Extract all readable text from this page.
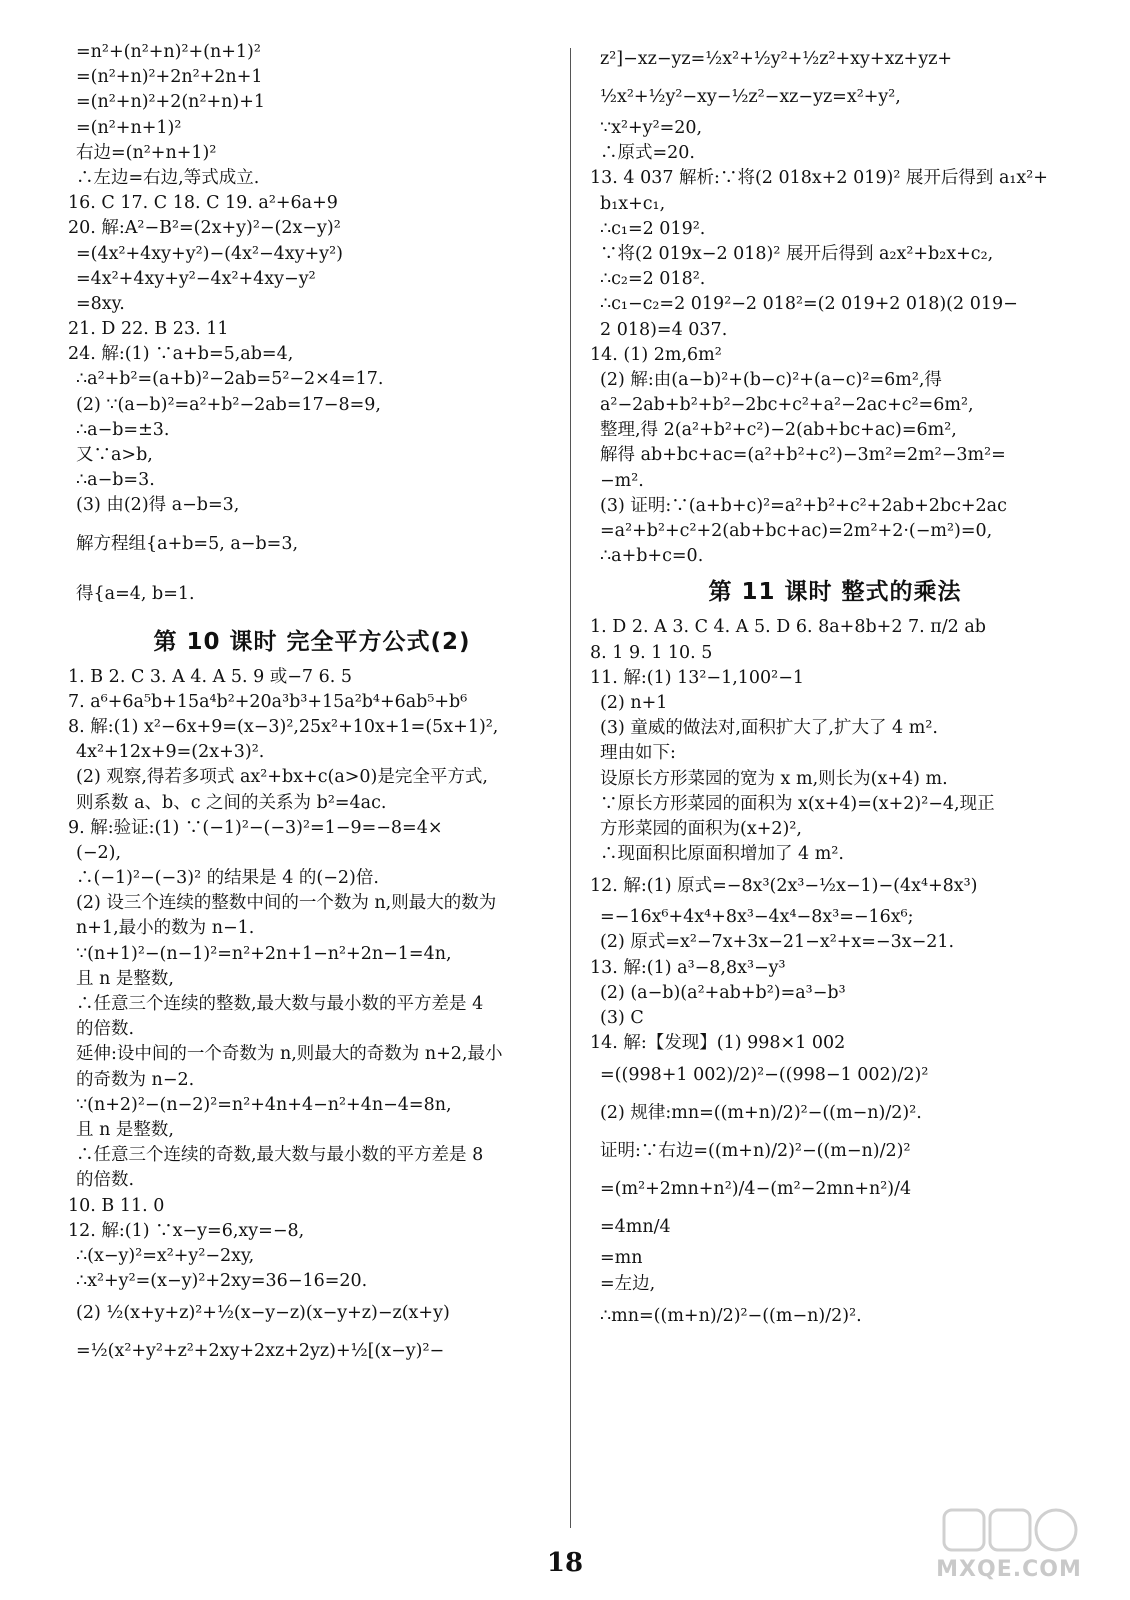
=n²+(n²+n)²+(n+1)²
=(n²+n)²+2n²+2n+1
=(n²+n)²+2(n²+n)+1
=(n²+n+1)²
右边=(n²+n+1)²
∴左边=右边,等式成立.
16. C 17. C 18. C 19. a²+6a+9
20. 解:A²−B²=(2x+y)²−(2x−y)²
=(4x²+4xy+y²)−(4x²−4xy+y²)
=4x²+4xy+y²−4x²+4xy−y²
=8xy.
21. D 22. B 23. 11
24. 解:(1) ∵a+b=5,ab=4,
∴a²+b²=(a+b)²−2ab=5²−2×4=17.
(2) ∵(a−b)²=a²+b²−2ab=17−8=9,
∴a−b=±3.
又∵a>b,
∴a−b=3.
(3) 由(2)得 a−b=3,
解方程组{a+b=5, a−b=3,
得{a=4, b=1.
第 10 课时 完全平方公式(2)
1. B 2. C 3. A 4. A 5. 9 或−7 6. 5
7. a⁶+6a⁵b+15a⁴b²+20a³b³+15a²b⁴+6ab⁵+b⁶
8. 解:(1) x²−6x+9=(x−3)²,25x²+10x+1=(5x+1)²,
4x²+12x+9=(2x+3)².
(2) 观察,得若多项式 ax²+bx+c(a>0)是完全平方式,
则系数 a、b、c 之间的关系为 b²=4ac.
9. 解:验证:(1) ∵(−1)²−(−3)²=1−9=−8=4×
(−2),
∴(−1)²−(−3)² 的结果是 4 的(−2)倍.
(2) 设三个连续的整数中间的一个数为 n,则最大的数为
n+1,最小的数为 n−1.
∵(n+1)²−(n−1)²=n²+2n+1−n²+2n−1=4n,
且 n 是整数,
∴任意三个连续的整数,最大数与最小数的平方差是 4
的倍数.
延伸:设中间的一个奇数为 n,则最大的奇数为 n+2,最小
的奇数为 n−2.
∵(n+2)²−(n−2)²=n²+4n+4−n²+4n−4=8n,
且 n 是整数,
∴任意三个连续的奇数,最大数与最小数的平方差是 8
的倍数.
10. B 11. 0
12. 解:(1) ∵x−y=6,xy=−8,
∴(x−y)²=x²+y²−2xy,
∴x²+y²=(x−y)²+2xy=36−16=20.
(2) ½(x+y+z)²+½(x−y−z)(x−y+z)−z(x+y)
=½(x²+y²+z²+2xy+2xz+2yz)+½[(x−y)²−
z²]−xz−yz=½x²+½y²+½z²+xy+xz+yz+
½x²+½y²−xy−½z²−xz−yz=x²+y²,
∵x²+y²=20,
∴原式=20.
13. 4 037 解析:∵将(2 018x+2 019)² 展开后得到 a₁x²+
b₁x+c₁,
∴c₁=2 019².
∵将(2 019x−2 018)² 展开后得到 a₂x²+b₂x+c₂,
∴c₂=2 018².
∴c₁−c₂=2 019²−2 018²=(2 019+2 018)(2 019−
2 018)=4 037.
14. (1) 2m,6m²
(2) 解:由(a−b)²+(b−c)²+(a−c)²=6m²,得
a²−2ab+b²+b²−2bc+c²+a²−2ac+c²=6m²,
整理,得 2(a²+b²+c²)−2(ab+bc+ac)=6m²,
解得 ab+bc+ac=(a²+b²+c²)−3m²=2m²−3m²=
−m².
(3) 证明:∵(a+b+c)²=a²+b²+c²+2ab+2bc+2ac
=a²+b²+c²+2(ab+bc+ac)=2m²+2·(−m²)=0,
∴a+b+c=0.
第 11 课时 整式的乘法
1. D 2. A 3. C 4. A 5. D 6. 8a+8b+2 7. π/2 ab
8. 1 9. 1 10. 5
11. 解:(1) 13²−1,100²−1
(2) n+1
(3) 童威的做法对,面积扩大了,扩大了 4 m².
理由如下:
设原长方形菜园的宽为 x m,则长为(x+4) m.
∵原长方形菜园的面积为 x(x+4)=(x+2)²−4,现正
方形菜园的面积为(x+2)²,
∴现面积比原面积增加了 4 m².
12. 解:(1) 原式=−8x³(2x³−½x−1)−(4x⁴+8x³)
=−16x⁶+4x⁴+8x³−4x⁴−8x³=−16x⁶;
(2) 原式=x²−7x+3x−21−x²+x=−3x−21.
13. 解:(1) a³−8,8x³−y³
(2) (a−b)(a²+ab+b²)=a³−b³
(3) C
14. 解:【发现】(1) 998×1 002
=((998+1 002)/2)²−((998−1 002)/2)²
(2) 规律:mn=((m+n)/2)²−((m−n)/2)².
证明:∵右边=((m+n)/2)²−((m−n)/2)²
=(m²+2mn+n²)/4−(m²−2mn+n²)/4
=4mn/4
=mn
=左边,
∴mn=((m+n)/2)²−((m−n)/2)².
18	MXQE.COM
